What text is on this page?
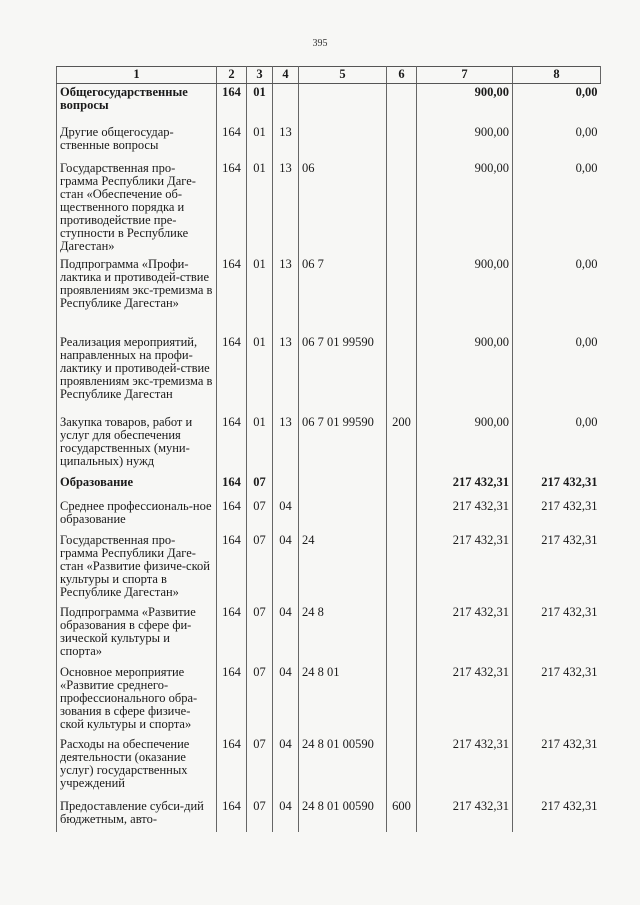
395
1	2	3	4	5	6	7	8
Общегосударственные вопросы	164	01				900,00	0,00
Другие общегосудар-ственные вопросы	164	01	13			900,00	0,00
Государственная про-грамма Республики Даге-стан «Обеспечение об-щественного порядка и противодействие пре-ступности в Республике Дагестан»	164	01	13	06		900,00	0,00
Подпрограмма «Профи-лактика и противодей-ствие проявлениям экс-тремизма в Республике Дагестан»	164	01	13	06 7		900,00	0,00
Реализация мероприятий, направленных на профи-лактику и противодей-ствие проявлениям экс-тремизма в Республике Дагестан	164	01	13	06 7 01 99590		900,00	0,00
Закупка товаров, работ и услуг для обеспечения государственных (муни-ципальных) нужд	164	01	13	06 7 01 99590	200	900,00	0,00
Образование	164	07				217 432,31	217 432,31
Среднее профессиональ-ное образование	164	07	04			217 432,31	217 432,31
Государственная про-грамма Республики Даге-стан «Развитие физиче-ской культуры и спорта в Республике Дагестан»	164	07	04	24		217 432,31	217 432,31
Подпрограмма «Развитие образования в сфере фи-зической культуры и спорта»	164	07	04	24 8		217 432,31	217 432,31
Основное мероприятие «Развитие среднего-профессионального обра-зования в сфере физиче-ской культуры и спорта»	164	07	04	24 8 01		217 432,31	217 432,31
Расходы на обеспечение деятельности (оказание услуг) государственных учреждений	164	07	04	24 8 01 00590		217 432,31	217 432,31
Предоставление субси-дий бюджетным, авто-	164	07	04	24 8 01 00590	600	217 432,31	217 432,31
